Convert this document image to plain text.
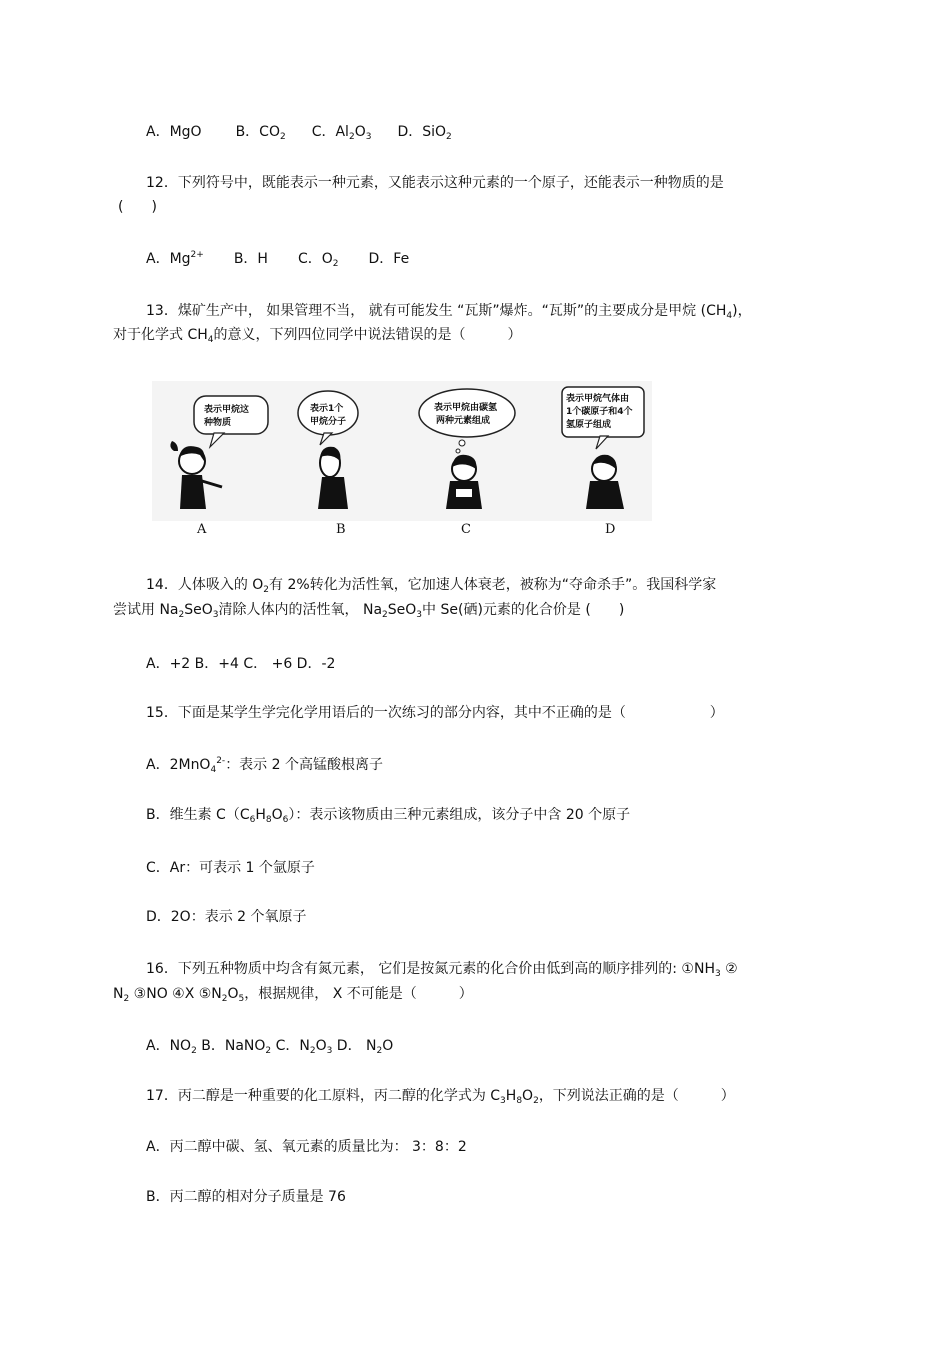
A．MgO B．$CO_2$ C．$Al_2O_3$ D．SiO$_2$
12．下列符号中，既能表示一种元素，又能表示这种元素的一个原子，还能表示一种物质的是
(　　)
A．$Mg^{2+}$ B．H C．$O_2$ D．Fe
13．煤矿生产中， 如果管理不当， 就有可能发生 “瓦斯”爆炸。“瓦斯”的主要成分是甲烷 $(CH_4)$，
对于化学式 $CH_4$的意义，下列四位同学中说法错误的是（　　　）
表示甲烷这
种物质
表示1个
甲烷分子
表示甲烷由碳氢
两种元素组成
表示甲烷气体由
1个碳原子和4个
氢原子组成
A	B	C	D
14．人体吸入的 $O_2$有 2%转化为活性氧，它加速人体衰老，被称为“夺命杀手”。我国科学家
尝试用 $Na_2SeO_3$清除人体内的活性氧， $Na_2SeO_3$中 Se(硒)元素的化合价是 (　　)
A．+2 B．+4 C． +6 D．-2
15．下面是某学生学完化学用语后的一次练习的部分内容，其中不正确的是（　　　　　　）
A．2MnO$_4^{2-}$：表示 2 个高锰酸根离子
B．维生素 $C(C_6H_8O_6)$：表示该物质由三种元素组成，该分子中含 20 个原子
C．Ar：可表示 1 个氩原子
D．2O：表示 2 个氧原子
16．下列五种物质中均含有氮元素， 它们是按氮元素的化合价由低到高的顺序排列的: $①NH_3$ ②
$N_2$ ③NO ④X $⑤N_2O_5$，根据规律， X 不可能是（　　　）
A．$NO_2$ B．NaNO$_2$ C．$N_2O_3$ D． $N_2O$
17．丙二醇是一种重要的化工原料，丙二醇的化学式为 $C_3H_8O_2$，下列说法正确的是（　　　）
A．丙二醇中碳、氢、氧元素的质量比为： 3：8：2
B．丙二醇的相对分子质量是 76
